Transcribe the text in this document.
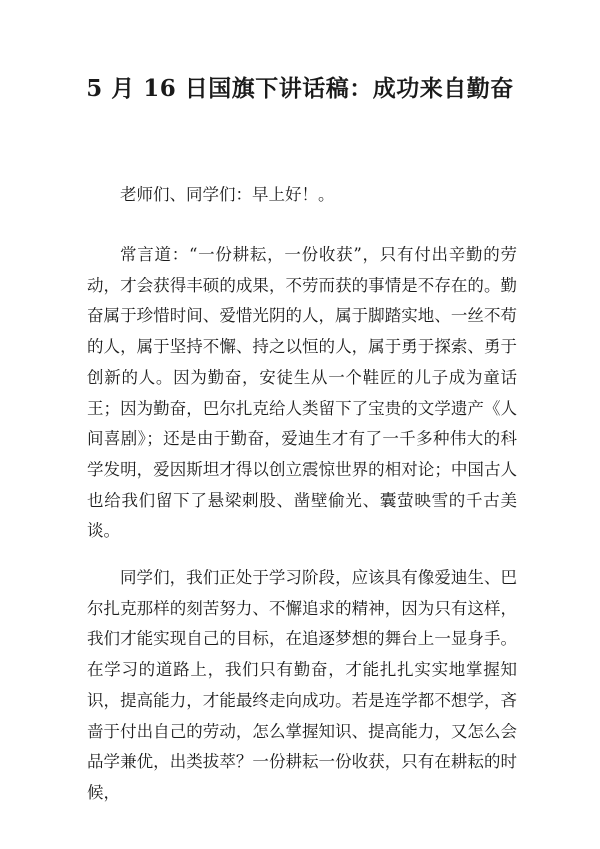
5 月 16 日国旗下讲话稿：成功来自勤奋

老师们、同学们：早上好！。

常言道：“一份耕耘，一份收获”，只有付出辛勤的劳动，才会获得丰硕的成果，不劳而获的事情是不存在的。勤奋属于珍惜时间、爱惜光阴的人，属于脚踏实地、一丝不苟的人，属于坚持不懈、持之以恒的人，属于勇于探索、勇于创新的人。因为勤奋，安徒生从一个鞋匠的儿子成为童话王；因为勤奋，巴尔扎克给人类留下了宝贵的文学遗产《人间喜剧》；还是由于勤奋，爱迪生才有了一千多种伟大的科学发明，爱因斯坦才得以创立震惊世界的相对论；中国古人也给我们留下了悬梁刺股、凿壁偷光、囊萤映雪的千古美谈。

同学们，我们正处于学习阶段，应该具有像爱迪生、巴尔扎克那样的刻苦努力、不懈追求的精神，因为只有这样，我们才能实现自己的目标，在追逐梦想的舞台上一显身手。在学习的道路上，我们只有勤奋，才能扎扎实实地掌握知识，提高能力，才能最终走向成功。若是连学都不想学，吝啬于付出自己的劳动，怎么掌握知识、提高能力，又怎么会品学兼优，出类拔萃？一份耕耘一份收获，只有在耕耘的时候，
